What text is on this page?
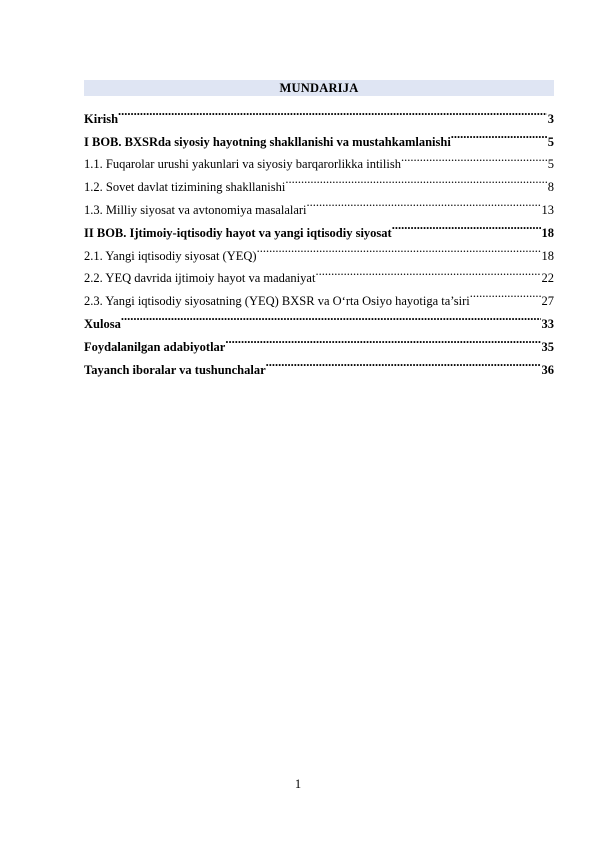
MUNDARIJA
Kirish .....	3
I BOB. BXSRda siyosiy hayotning shakllanishi va mustahkamlanishi .....	5
1.1. Fuqarolar urushi yakunlari va siyosiy barqarorlikka intilish .....	5
1.2. Sovet davlat tizimining shakllanishi .....	8
1.3. Milliy siyosat va avtonomiya masalalari .....	13
II BOB. Ijtimoiy-iqtisodiy hayot va yangi iqtisodiy siyosat .....	18
2.1. Yangi iqtisodiy siyosat (YEQ) .....	18
2.2. YEQ davrida ijtimoiy hayot va madaniyat .....	22
2.3. Yangi iqtisodiy siyosatning (YEQ) BXSR va O‘rta Osiyo hayotiga ta’siri .....	27
Xulosa .....	33
Foydalanilgan adabiyotlar .....	35
Tayanch iboralar va tushunchalar .....	36
1
